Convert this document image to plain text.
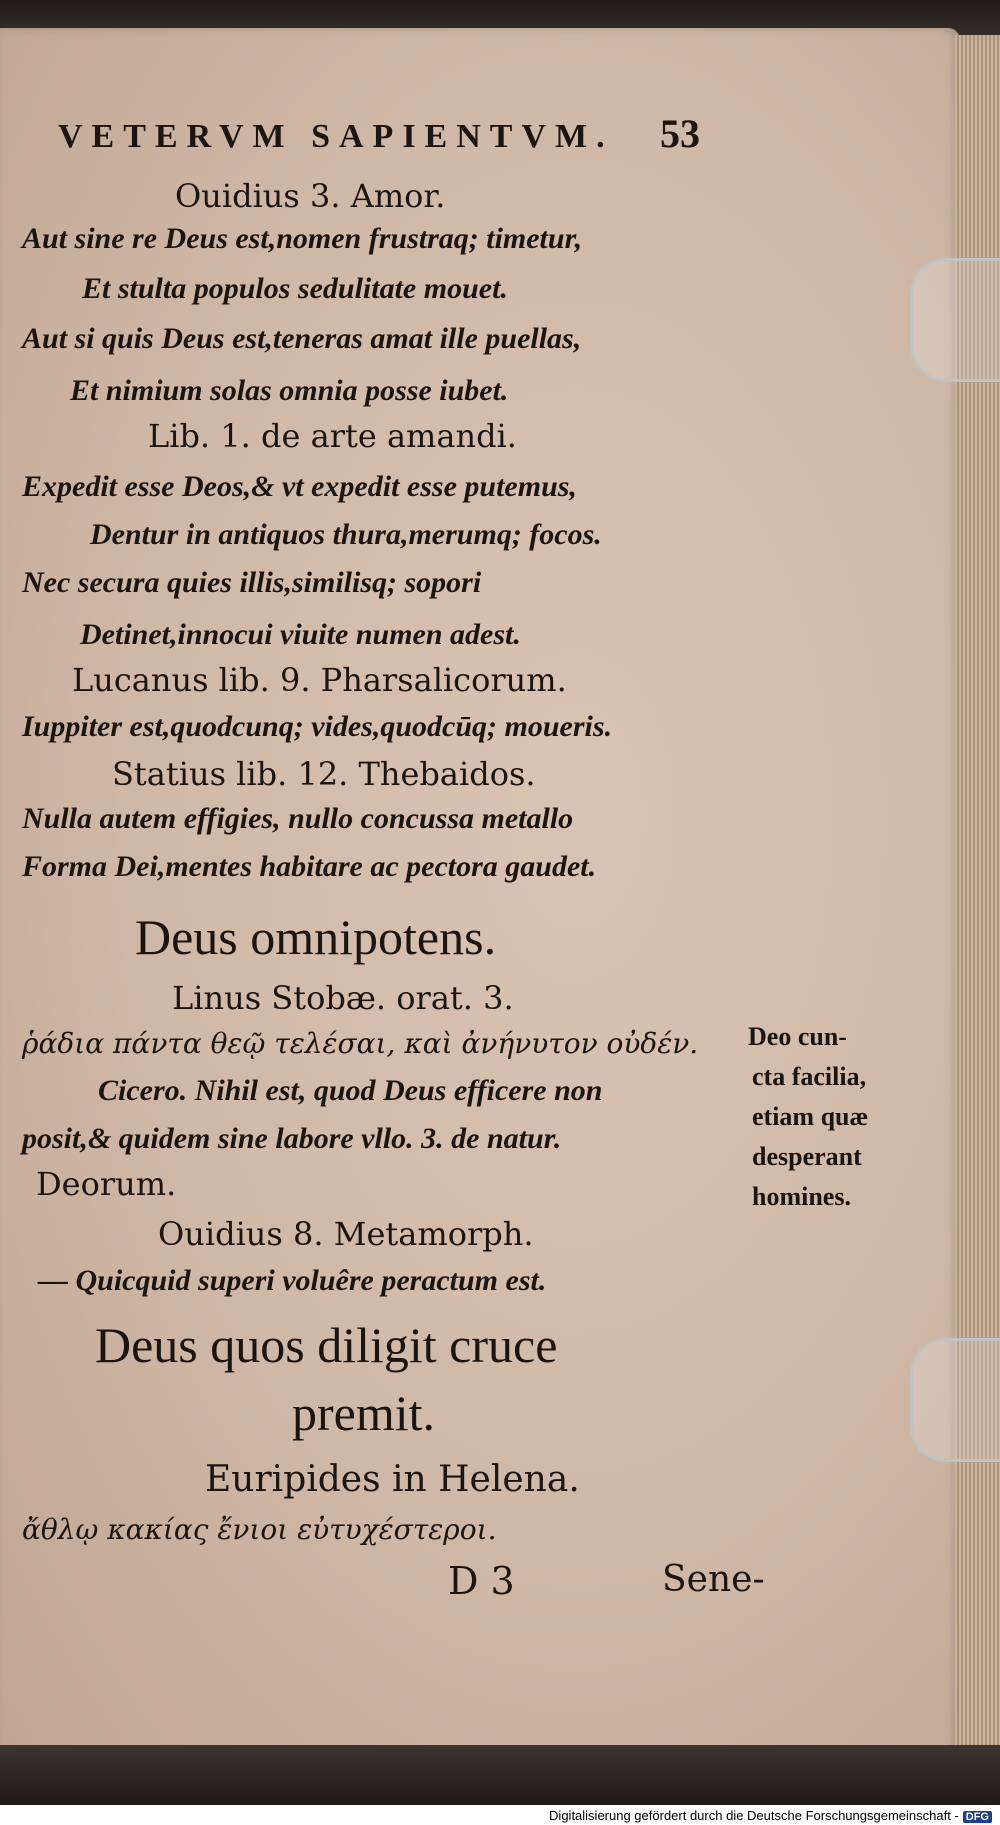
VETERVM SAPIENTVM. 53
Ouidius 3. Amor.
Aut sine re Deus est,nomen frustraq; timetur,
Et stulta populos sedulitate mouet.
Aut si quis Deus est,teneras amat ille puellas,
Et nimium solas omnia posse iubet.
Lib. 1. de arte amandi.
Expedit esse Deos,& vt expedit esse putemus,
Dentur in antiquos thura,merumq; focos.
Nec secura quies illis,similisq; sopori
Detinet,innocui viuite numen adest.
Lucanus lib. 9. Pharsalicorum.
Iuppiter est,quodcunq; vides,quodcūq; moueris.
Statius lib. 12. Thebaidos.
Nulla autem effigies, nullo concussa metallo
Forma Dei,mentes habitare ac pectora gaudet.
Deus omnipotens.
Linus Stobæ. orat. 3.
ῥάδια πάντα θεῷ τελέσαι, καὶ ἀνήνυτον οὐδέν.
Cicero. Nihil est, quod Deus efficere non
posit,& quidem sine labore vllo. 3. de natur.
Deorum.
Ouidius 8. Metamorph.
— Quicquid superi voluêre peractum est.
Deus quos diligit cruce
premit.
Euripides in Helena.
ἄθλῳ κακίας ἔνιοι εὐτυχέστεροι.
D 3	Sene-
Deo cun-
cta facilia,
etiam quæ
desperant
homines.
Digitalisierung gefördert durch die Deutsche Forschungsgemeinschaft - DFG
